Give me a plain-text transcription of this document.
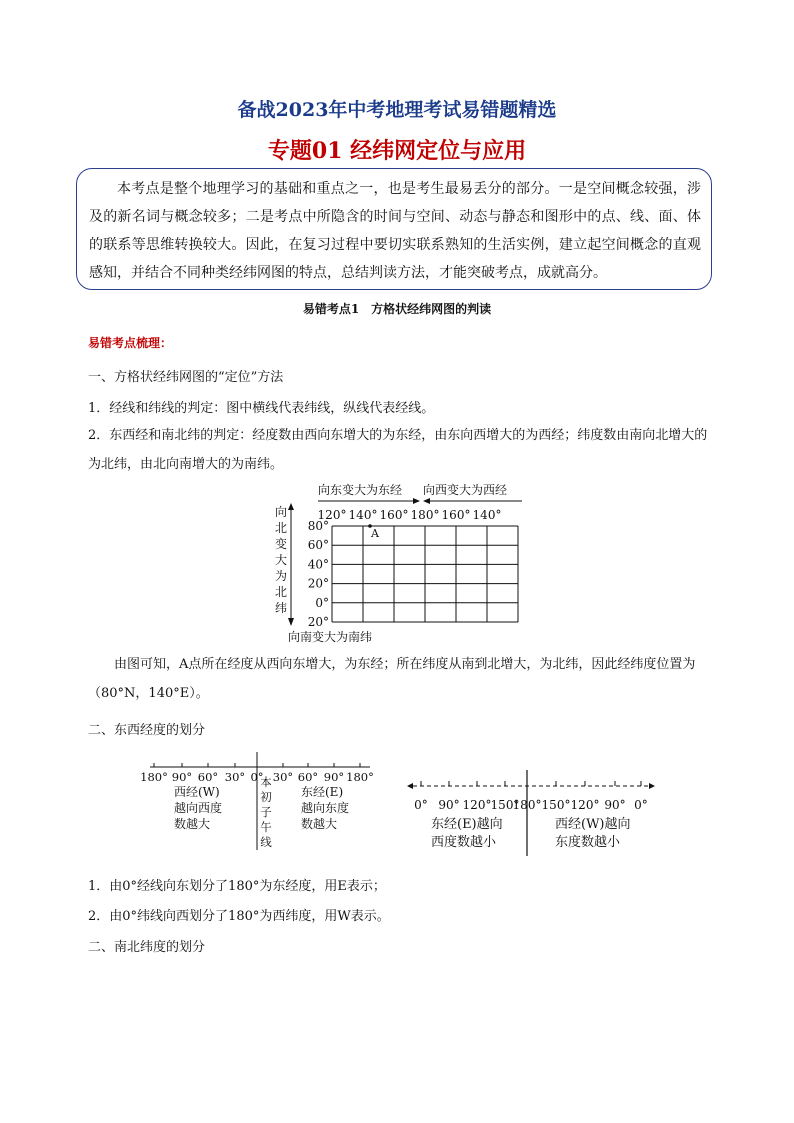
备战2023年中考地理考试易错题精选
专题01 经纬网定位与应用

本考点是整个地理学习的基础和重点之一，也是考生最易丢分的部分。一是空间概念较强，涉及的新名词与概念较多；二是考点中所隐含的时间与空间、动态与静态和图形中的点、线、面、体的联系等思维转换较大。因此，在复习过程中要切实联系熟知的生活实例，建立起空间概念的直观感知，并结合不同种类经纬网图的特点，总结判读方法，才能突破考点，成就高分。

易错考点1　方格状经纬网图的判读
易错考点梳理：
一、方格状经纬网图的“定位”方法
1．经线和纬线的判定：图中横线代表纬线，纵线代表经线。
2．东西经和南北纬的判定：经度数由西向东增大的为东经，由东向西增大的为西经；纬度数由南向北增大的为北纬，由北向南增大的为南纬。
向东变大为东经 向西变大为西经
120° 140° 160° 180° 160° 140°
80°
60°
40°
20°
0°
20°
向
北
变
大
为
北
纬
A
向南变大为南纬
由图可知，A点所在经度从西向东增大，为东经；所在纬度从南到北增大，为北纬，因此经纬度位置为（80°N，140°E）。
二、东西经度的划分
180° 90° 60° 30° 0° 30° 60° 90° 180°
西经(W)
越向西度
本
初
子
午
线
东经(E)
越向东度
数越大	数越大
0° 90° 120° 150°
180° 150° 120° 90° 0°
东经(E)越向
西度数越小
西经(W)越向
东度数越小
1．由0°经线向东划分了180°为东经度，用E表示；
2．由0°纬线向西划分了180°为西纬度，用W表示。
二、南北纬度的划分
